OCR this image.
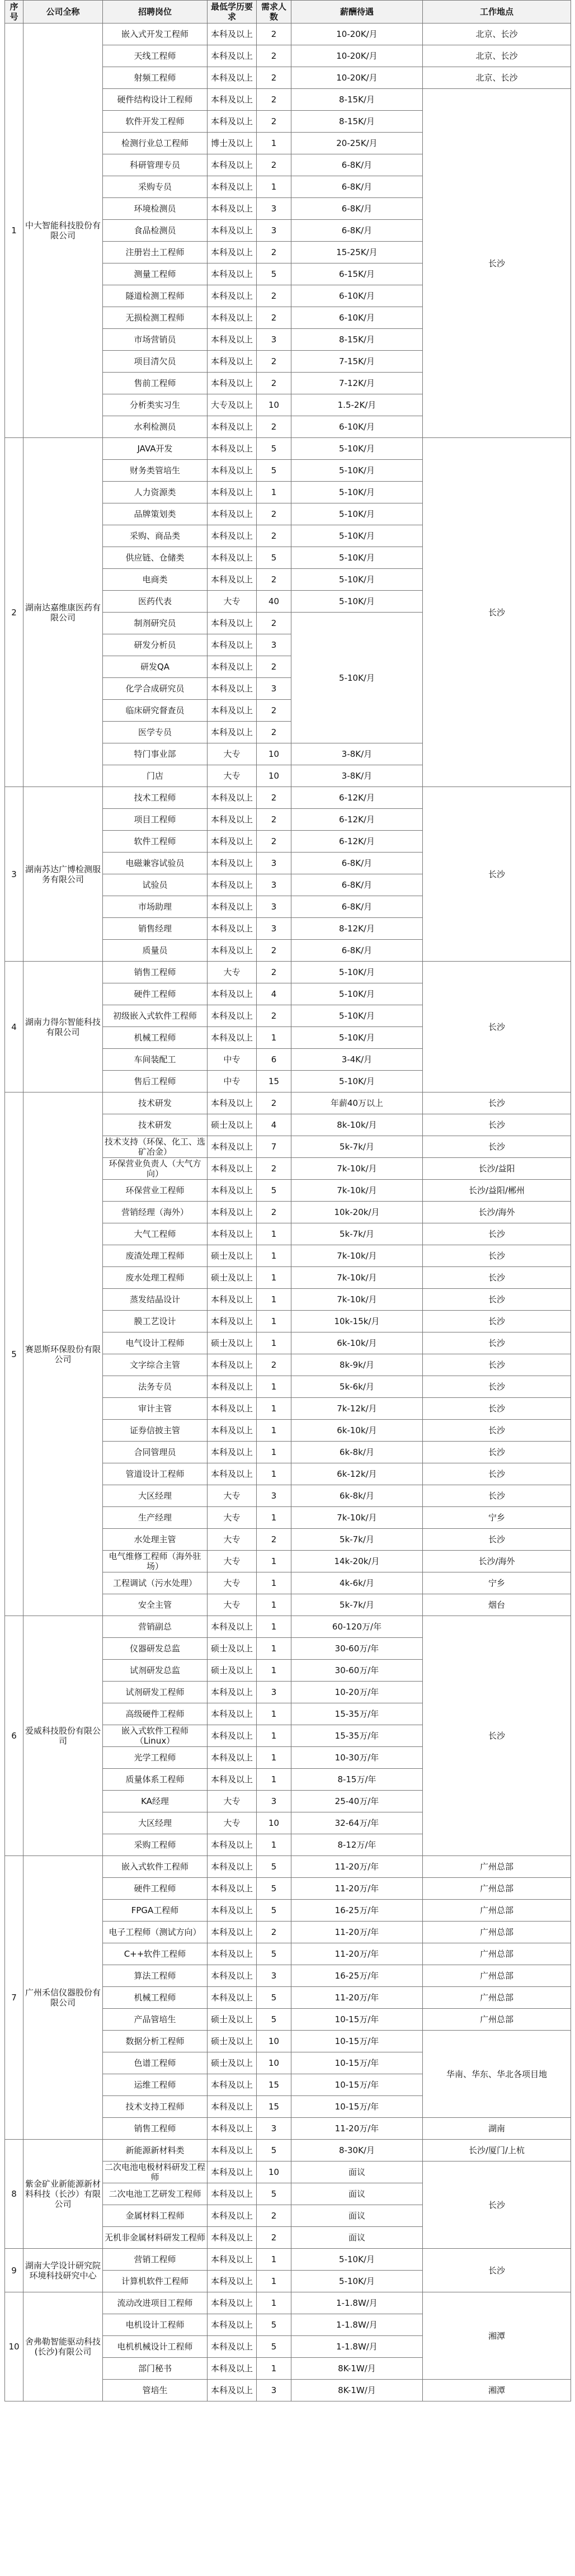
序号	公司全称	招聘岗位	最低学历要求	需求人数	薪酬待遇	工作地点
1	中大智能科技股份有限公司	嵌入式开发工程师	本科及以上	2	10-20K/月	北京、长沙
		天线工程师	本科及以上	2	10-20K/月	北京、长沙
		射频工程师	本科及以上	2	10-20K/月	北京、长沙
		硬件结构设计工程师	本科及以上	2	8-15K/月	长沙
		软件开发工程师	本科及以上	2	8-15K/月	
		检测行业总工程师	博士及以上	1	20-25K/月	
		科研管理专员	本科及以上	2	6-8K/月	
		采购专员	本科及以上	1	6-8K/月	
		环境检测员	本科及以上	3	6-8K/月	
		食品检测员	本科及以上	3	6-8K/月	
		注册岩土工程师	本科及以上	2	15-25K/月	
		测量工程师	本科及以上	5	6-15K/月	
		隧道检测工程师	本科及以上	2	6-10K/月	
		无损检测工程师	本科及以上	2	6-10K/月	
		市场营销员	本科及以上	3	8-15K/月	
		项目清欠员	本科及以上	2	7-15K/月	
		售前工程师	本科及以上	2	7-12K/月	
		分析类实习生	大专及以上	10	1.5-2K/月	
		水利检测员	本科及以上	2	6-10K/月	
2	湖南达嘉维康医药有限公司	JAVA开发	本科及以上	5	5-10K/月	长沙
		财务类管培生	本科及以上	5	5-10K/月	
		人力资源类	本科及以上	1	5-10K/月	
		品牌策划类	本科及以上	2	5-10K/月	
		采购、商品类	本科及以上	2	5-10K/月	
		供应链、仓储类	本科及以上	5	5-10K/月	
		电商类	本科及以上	2	5-10K/月	
		医药代表	大专	40	5-10K/月	
		制剂研究员	本科及以上	2	5-10K/月	
		研发分析员	本科及以上	3		
		研发QA	本科及以上	2		
		化学合成研究员	本科及以上	3		
		临床研究督查员	本科及以上	2		
		医学专员	本科及以上	2		
		特门事业部	大专	10	3-8K/月	
		门店	大专	10	3-8K/月	
3	湖南苏达广博检测服务有限公司	技术工程师	本科及以上	2	6-12K/月	长沙
		项目工程师	本科及以上	2	6-12K/月	
		软件工程师	本科及以上	2	6-12K/月	
		电磁兼容试验员	本科及以上	3	6-8K/月	
		试验员	本科及以上	3	6-8K/月	
		市场助理	本科及以上	3	6-8K/月	
		销售经理	本科及以上	3	8-12K/月	
		质量员	本科及以上	2	6-8K/月	
4	湖南力得尔智能科技有限公司	销售工程师	大专	2	5-10K/月	长沙
		硬件工程师	本科及以上	4	5-10K/月	
		初级嵌入式软件工程师	本科及以上	2	5-10K/月	
		机械工程师	本科及以上	1	5-10K/月	
		车间装配工	中专	6	3-4K/月	
		售后工程师	中专	15	5-10K/月	
5	赛恩斯环保股份有限公司	技术研发	本科及以上	2	年薪40万以上	长沙
		技术研发	硕士及以上	4	8k-10k/月	长沙
		技术支持（环保、化工、选矿冶金）	本科及以上	7	5k-7k/月	长沙
		环保营业负责人（大气方向）	本科及以上	2	7k-10k/月	长沙/益阳
		环保营业工程师	本科及以上	5	7k-10k/月	长沙/益阳/郴州
		营销经理（海外）	本科及以上	2	10k-20k/月	长沙/海外
		大气工程师	本科及以上	1	5k-7k/月	长沙
		废渣处理工程师	硕士及以上	1	7k-10k/月	长沙
		废水处理工程师	硕士及以上	1	7k-10k/月	长沙
		蒸发结晶设计	本科及以上	1	7k-10k/月	长沙
		膜工艺设计	本科及以上	1	10k-15k/月	长沙
		电气设计工程师	硕士及以上	1	6k-10k/月	长沙
		文字综合主管	本科及以上	2	8k-9k/月	长沙
		法务专员	本科及以上	1	5k-6k/月	长沙
		审计主管	本科及以上	1	7k-12k/月	长沙
		证券信披主管	本科及以上	1	6k-10k/月	长沙
		合同管理员	本科及以上	1	6k-8k/月	长沙
		管道设计工程师	本科及以上	1	6k-12k/月	长沙
		大区经理	大专	3	6k-8k/月	长沙
		生产经理	大专	1	7k-10k/月	宁乡
		水处理主管	大专	2	5k-7k/月	长沙
		电气维修工程师（海外驻场）	大专	1	14k-20k/月	长沙/海外
		工程调试（污水处理）	大专	1	4k-6k/月	宁乡
		安全主管	大专	1	5k-7k/月	烟台
6	爱威科技股份有限公司	营销副总	本科及以上	1	60-120万/年	长沙
		仪器研发总监	硕士及以上	1	30-60万/年	
		试剂研发总监	硕士及以上	1	30-60万/年	
		试剂研发工程师	本科及以上	3	10-20万/年	
		高级硬件工程师	本科及以上	1	15-35万/年	
		嵌入式软件工程师（Linux）	本科及以上	1	15-35万/年	
		光学工程师	本科及以上	1	10-30万/年	
		质量体系工程师	本科及以上	1	8-15万/年	
		KA经理	大专	3	25-40万/年	
		大区经理	大专	10	32-64万/年	
		采购工程师	本科及以上	1	8-12万/年	
7	广州禾信仪器股份有限公司	嵌入式软件工程师	本科及以上	5	11-20万/年	广州总部
		硬件工程师	本科及以上	5	11-20万/年	广州总部
		FPGA工程师	本科及以上	5	16-25万/年	广州总部
		电子工程师（测试方向）	本科及以上	2	11-20万/年	广州总部
		C++软件工程师	本科及以上	5	11-20万/年	广州总部
		算法工程师	本科及以上	3	16-25万/年	广州总部
		机械工程师	本科及以上	5	11-20万/年	广州总部
		产品管培生	硕士及以上	5	10-15万/年	广州总部
		数据分析工程师	硕士及以上	10	10-15万/年	华南、华东、华北各项目地
		色谱工程师	硕士及以上	10	10-15万/年	
		运维工程师	本科及以上	15	10-15万/年	
		技术支持工程师	本科及以上	15	10-15万/年	
		销售工程师	本科及以上	3	11-20万/年	湖南
8	紫金矿业新能源新材料科技（长沙）有限公司	新能源新材料类	本科及以上	5	8-30K/月	长沙/厦门/上杭
		二次电池电极材料研发工程师	本科及以上	10	面议	长沙
		二次电池工艺研发工程师	本科及以上	5	面议	
		金属材料工程师	本科及以上	2	面议	
		无机非金属材料研发工程师	本科及以上	2	面议	
9	湖南大学设计研究院环境科技研究中心	营销工程师	本科及以上	1	5-10K/月	长沙
		计算机软件工程师	本科及以上	1	5-10K/月	
10	舍弗勒智能驱动科技(长沙)有限公司	流动改进项目工程师	本科及以上	1	1-1.8W/月	湘潭
		电机设计工程师	本科及以上	5	1-1.8W/月	
		电机机械设计工程师	本科及以上	5	1-1.8W/月	
		部门秘书	本科及以上	1	8K-1W/月	
		管培生	本科及以上	3	8K-1W/月	湘潭
